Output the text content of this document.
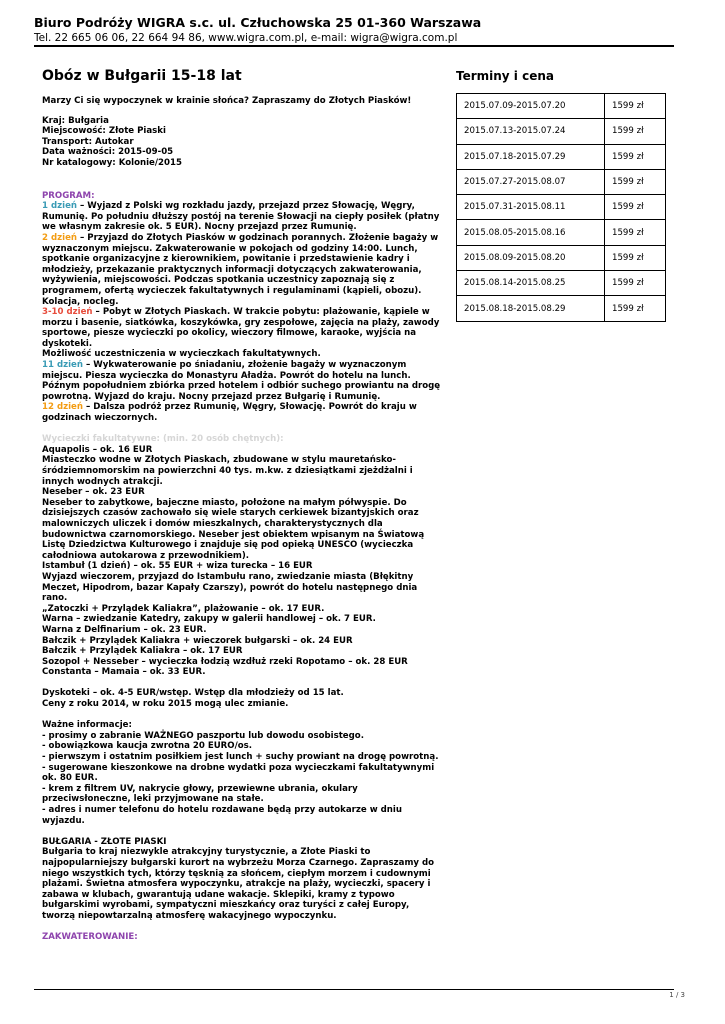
Biuro Podróży WIGRA s.c. ul. Człuchowska 25 01-360 Warszawa
Tel. 22 665 06 06, 22 664 94 86, www.wigra.com.pl, e-mail: wigra@wigra.com.pl
Obóz w Bułgarii 15-18 lat
Marzy Ci się wypoczynek w krainie słońca? Zapraszamy do Złotych Piasków!
Kraj: Bułgaria
Miejscowość: Złote Piaski
Transport: Autokar
Data ważności: 2015-09-05
Nr katalogowy: Kolonie/2015
PROGRAM:
1 dzień – Wyjazd z Polski wg rozkładu jazdy, przejazd przez Słowację, Węgry, Rumunię. Po południu dłuższy postój na terenie Słowacji na ciepły posiłek (płatny we własnym zakresie ok. 5 EUR). Nocny przejazd przez Rumunię.
2 dzień – Przyjazd do Złotych Piasków w godzinach porannych. Złożenie bagaży w wyznaczonym miejscu. Zakwaterowanie w pokojach od godziny 14:00. Lunch, spotkanie organizacyjne z kierownikiem, powitanie i przedstawienie kadry i młodzieży, przekazanie praktycznych informacji dotyczących zakwaterowania, wyżywienia, miejscowości. Podczas spotkania uczestnicy zapoznają się z programem, ofertą wycieczek fakultatywnych i regulaminami (kąpieli, obozu). Kolacja, nocleg.
3-10 dzień – Pobyt w Złotych Piaskach. W trakcie pobytu: plażowanie, kąpiele w morzu i basenie, siatkówka, koszykówka, gry zespołowe, zajęcia na plaży, zawody sportowe, piesze wycieczki po okolicy, wieczory filmowe, karaoke, wyjścia na dyskoteki.
Możliwość uczestniczenia w wycieczkach fakultatywnych.
11 dzień – Wykwaterowanie po śniadaniu, złożenie bagaży w wyznaczonym miejscu. Piesza wycieczka do Monastyru Aładża. Powrót do hotelu na lunch. Późnym popołudniem zbiórka przed hotelem i odbiór suchego prowiantu na drogę powrotną. Wyjazd do kraju. Nocny przejazd przez Bułgarię i Rumunię.
12 dzień – Dalsza podróż przez Rumunię, Węgry, Słowację. Powrót do kraju w godzinach wieczornych.
Wycieczki fakultatywne: (min. 20 osób chętnych):
Aquapolis – ok. 16 EUR
Miasteczko wodne w Złotych Piaskach, zbudowane w stylu mauretańsko-śródziemnomorskim na powierzchni 40 tys. m.kw. z dziesiątkami zjeżdżalni i innych wodnych atrakcji.
Neseber – ok. 23 EUR
Neseber to zabytkowe, bajeczne miasto, położone na małym półwyspie. Do dzisiejszych czasów zachowało się wiele starych cerkiewek bizantyjskich oraz malowniczych uliczek i domów mieszkalnych, charakterystycznych dla budownictwa czarnomorskiego. Neseber jest obiektem wpisanym na Światową Listę Dziedzictwa Kulturowego i znajduje się pod opieką UNESCO (wycieczka całodniowa autokarowa z przewodnikiem).
Istambuł (1 dzień) – ok. 55 EUR + wiza turecka – 16 EUR
Wyjazd wieczorem, przyjazd do Istambułu rano, zwiedzanie miasta (Błękitny Meczet, Hipodrom, bazar Kapały Czarszy), powrót do hotelu następnego dnia rano.
„Zatoczki + Przylądek Kaliakra”, plażowanie – ok. 17 EUR.
Warna – zwiedzanie Katedry, zakupy w galerii handlowej – ok. 7 EUR.
Warna z Delfinarium – ok. 23 EUR.
Bałczik + Przylądek Kaliakra + wieczorek bułgarski – ok. 24 EUR
Bałczik + Przylądek Kaliakra – ok. 17 EUR
Sozopol + Nesseber – wycieczka łodzią wzdłuż rzeki Ropotamo – ok. 28 EUR
Constanta – Mamaia – ok. 33 EUR.
Dyskoteki – ok. 4-5 EUR/wstęp. Wstęp dla młodzieży od 15 lat.
Ceny z roku 2014, w roku 2015 mogą ulec zmianie.
Ważne informacje:
- prosimy o zabranie WAŻNEGO paszportu lub dowodu osobistego.
- obowiązkowa kaucja zwrotna 20 EURO/os.
- pierwszym i ostatnim posiłkiem jest lunch + suchy prowiant na drogę powrotną.
- sugerowane kieszonkowe na drobne wydatki poza wycieczkami fakultatywnymi ok. 80 EUR.
- krem z filtrem UV, nakrycie głowy, przewiewne ubrania, okulary przeciwsłoneczne, leki przyjmowane na stałe.
- adres i numer telefonu do hotelu rozdawane będą przy autokarze w dniu wyjazdu.
BUŁGARIA - ZŁOTE PIASKI
Bułgaria to kraj niezwykle atrakcyjny turystycznie, a Złote Piaski to najpopularniejszy bułgarski kurort na wybrzeżu Morza Czarnego. Zapraszamy do niego wszystkich tych, którzy tęsknią za słońcem, ciepłym morzem i cudownymi plażami. Świetna atmosfera wypoczynku, atrakcje na plaży, wycieczki, spacery i zabawa w klubach, gwarantują udane wakacje. Sklepiki, kramy z typowo bułgarskimi wyrobami, sympatyczni mieszkańcy oraz turyści z całej Europy, tworzą niepowtarzalną atmosferę wakacyjnego wypoczynku.
ZAKWATEROWANIE:
Terminy i cena
2015.07.09-2015.07.20	1599 zł
2015.07.13-2015.07.24	1599 zł
2015.07.18-2015.07.29	1599 zł
2015.07.27-2015.08.07	1599 zł
2015.07.31-2015.08.11	1599 zł
2015.08.05-2015.08.16	1599 zł
2015.08.09-2015.08.20	1599 zł
2015.08.14-2015.08.25	1599 zł
2015.08.18-2015.08.29	1599 zł
1 / 3
